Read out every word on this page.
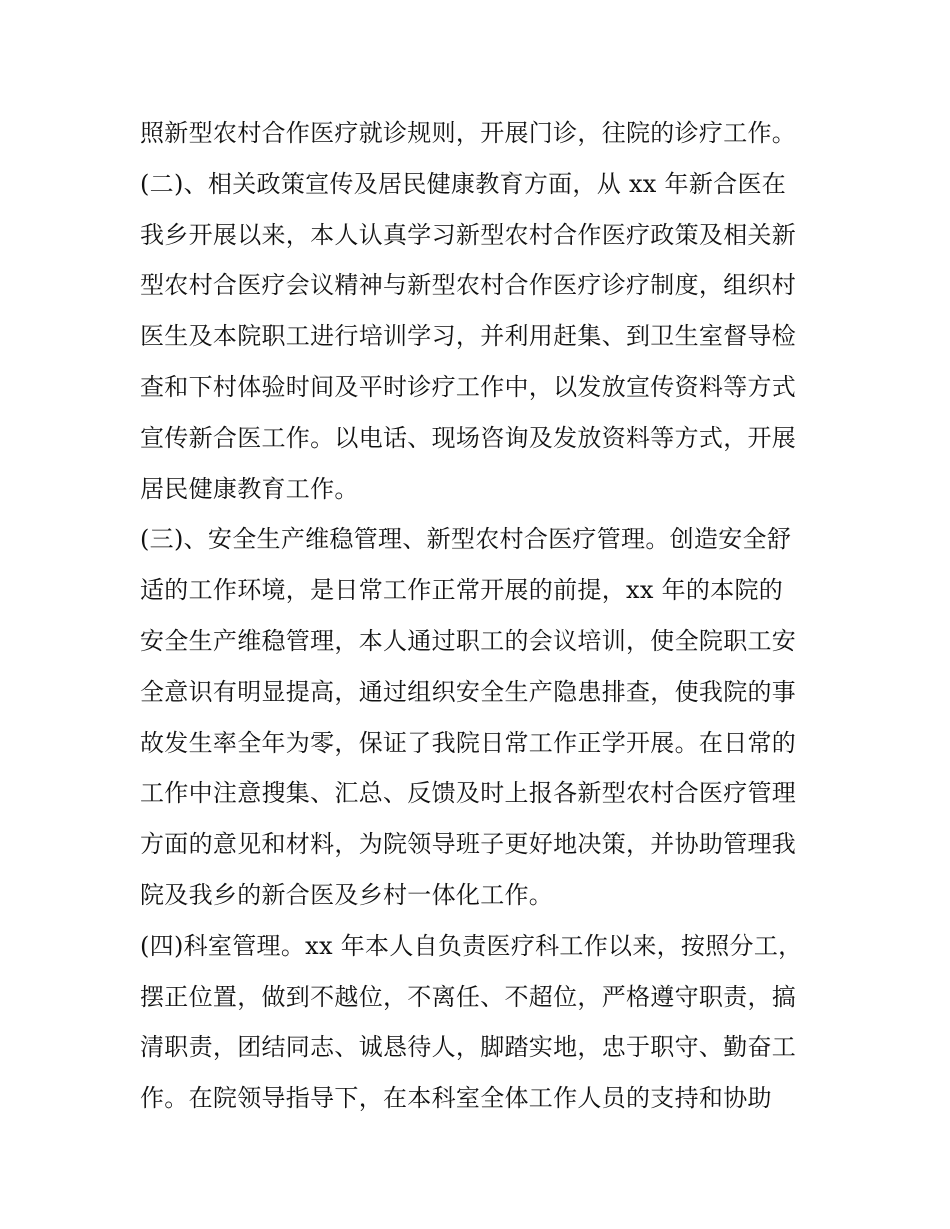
照新型农村合作医疗就诊规则，开展门诊，往院的诊疗工作。
(二)、相关政策宣传及居民健康教育方面，从 xx 年新合医在
我乡开展以来，本人认真学习新型农村合作医疗政策及相关新
型农村合医疗会议精神与新型农村合作医疗诊疗制度，组织村
医生及本院职工进行培训学习，并利用赶集、到卫生室督导检
查和下村体验时间及平时诊疗工作中，以发放宣传资料等方式
宣传新合医工作。以电话、现场咨询及发放资料等方式，开展
居民健康教育工作。
(三)、安全生产维稳管理、新型农村合医疗管理。创造安全舒
适的工作环境，是日常工作正常开展的前提，xx 年的本院的
安全生产维稳管理，本人通过职工的会议培训，使全院职工安
全意识有明显提高，通过组织安全生产隐患排查，使我院的事
故发生率全年为零，保证了我院日常工作正学开展。在日常的
工作中注意搜集、汇总、反馈及时上报各新型农村合医疗管理
方面的意见和材料，为院领导班子更好地决策，并协助管理我
院及我乡的新合医及乡村一体化工作。
(四)科室管理。xx 年本人自负责医疗科工作以来，按照分工，
摆正位置，做到不越位，不离任、不超位，严格遵守职责，搞
清职责，团结同志、诚恳待人，脚踏实地，忠于职守、勤奋工
作。在院领导指导下，在本科室全体工作人员的支持和协助
